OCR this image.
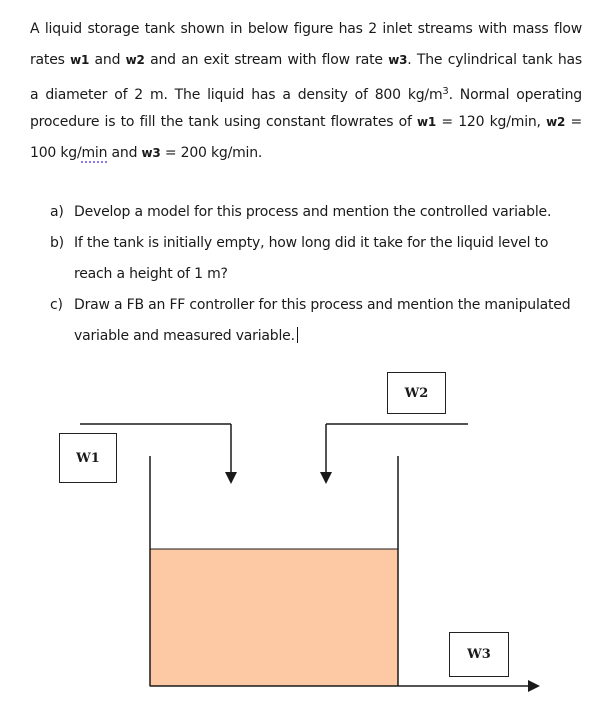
A liquid storage tank shown in below figure has 2 inlet streams with mass flow
rates w1 and w2 and an exit stream with flow rate w3. The cylindrical tank has
a diameter of 2 m. The liquid has a density of 800 $kg/m^3$. Normal operating
procedure is to fill the tank using constant flowrates of w1 = 120 kg/min, w2 =
100 kg/min and w3 = 200 kg/min.
a) Develop a model for this process and mention the controlled variable.
b) If the tank is initially empty, how long did it take for the liquid level to
reach a height of 1 m?
c) Draw a FB an FF controller for this process and mention the manipulated
variable and measured variable.
W1
W2
W3
